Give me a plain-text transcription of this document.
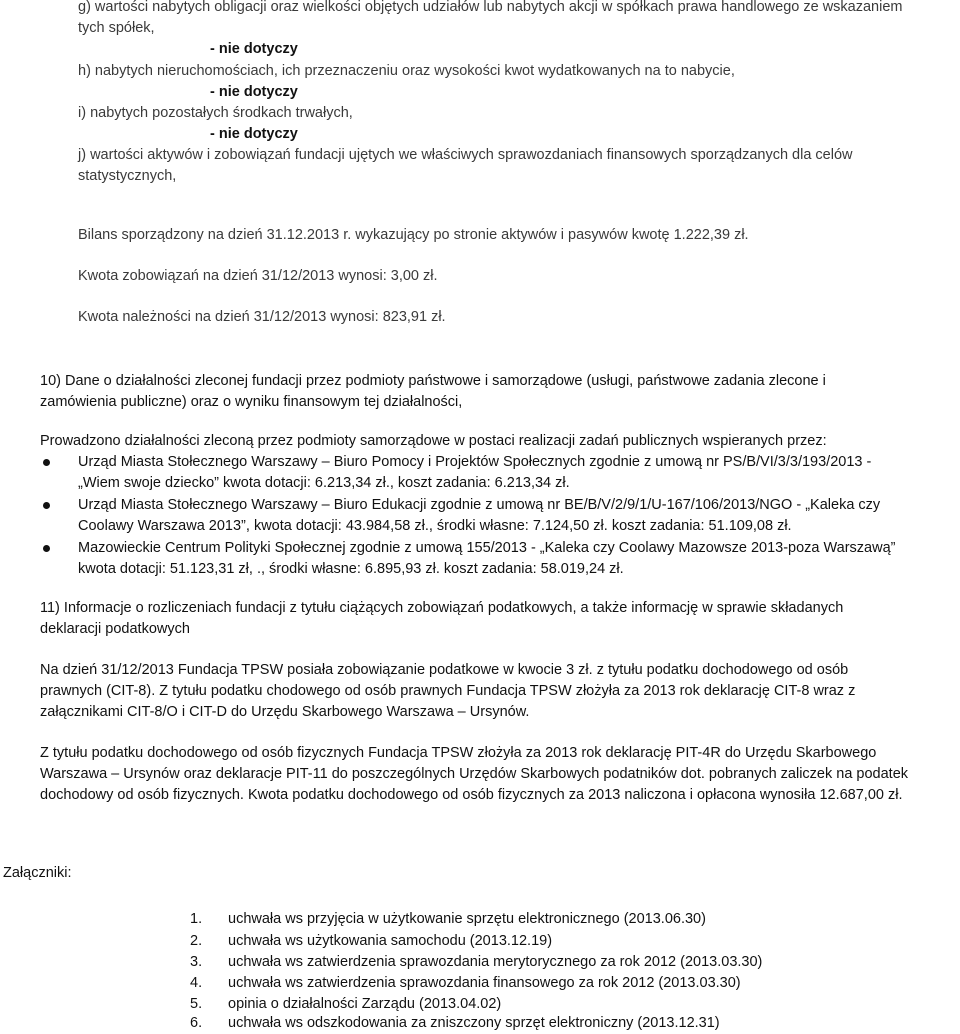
g) wartości nabytych obligacji oraz wielkości objętych udziałów lub nabytych akcji w spółkach prawa handlowego ze wskazaniem
tych spółek,
- nie dotyczy
h) nabytych nieruchomościach, ich przeznaczeniu oraz wysokości kwot wydatkowanych na to nabycie,
- nie dotyczy
i) nabytych pozostałych środkach trwałych,
- nie dotyczy
j) wartości aktywów i zobowiązań fundacji ujętych we właściwych sprawozdaniach finansowych sporządzanych dla celów
statystycznych,
Bilans sporządzony na dzień 31.12.2013 r. wykazujący po stronie aktywów i pasywów kwotę 1.222,39 zł.
Kwota zobowiązań na dzień 31/12/2013 wynosi: 3,00 zł.
Kwota należności na dzień 31/12/2013 wynosi: 823,91 zł.
10) Dane o działalności zleconej fundacji przez podmioty państwowe i samorządowe (usługi, państwowe zadania zlecone i
zamówienia publiczne) oraz o wyniku finansowym tej działalności,
Prowadzono działalności zleconą przez podmioty samorządowe w postaci realizacji zadań publicznych wspieranych przez:
Urząd Miasta Stołecznego Warszawy – Biuro Pomocy i Projektów Społecznych zgodnie z umową nr PS/B/VI/3/3/193/2013 -
„Wiem swoje dziecko” kwota dotacji: 6.213,34 zł., koszt zadania: 6.213,34 zł.
Urząd Miasta Stołecznego Warszawy – Biuro Edukacji zgodnie z umową nr BE/B/V/2/9/1/U-167/106/2013/NGO - „Kaleka czy
Coolawy Warszawa 2013”, kwota dotacji: 43.984,58 zł., środki własne: 7.124,50 zł. koszt zadania: 51.109,08 zł.
Mazowieckie Centrum Polityki Społecznej zgodnie z umową 155/2013 - „Kaleka czy Coolawy Mazowsze 2013-poza Warszawą”
kwota dotacji: 51.123,31 zł, ., środki własne: 6.895,93 zł. koszt zadania: 58.019,24 zł.
11) Informacje o rozliczeniach fundacji z tytułu ciążących zobowiązań podatkowych, a także informację w sprawie składanych
deklaracji podatkowych
Na dzień 31/12/2013 Fundacja TPSW posiała zobowiązanie podatkowe w kwocie 3 zł. z tytułu podatku dochodowego od osób
prawnych (CIT-8). Z tytułu podatku chodowego od osób prawnych Fundacja TPSW złożyła za 2013 rok deklarację CIT-8 wraz z
załącznikami CIT-8/O i CIT-D do Urzędu Skarbowego Warszawa – Ursynów.
Z tytułu podatku dochodowego od osób fizycznych Fundacja TPSW złożyła za 2013 rok deklarację PIT-4R do Urzędu Skarbowego
Warszawa – Ursynów oraz deklaracje PIT-11 do poszczególnych Urzędów Skarbowych podatników dot. pobranych zaliczek na podatek
dochodowy od osób fizycznych. Kwota podatku dochodowego od osób fizycznych za 2013 naliczona i opłacona wynosiła 12.687,00 zł.
Załączniki:
1. uchwała ws przyjęcia w użytkowanie sprzętu elektronicznego (2013.06.30)
2. uchwała ws użytkowania samochodu (2013.12.19)
3. uchwała ws zatwierdzenia sprawozdania merytorycznego za rok 2012 (2013.03.30)
4. uchwała ws zatwierdzenia sprawozdania finansowego za rok 2012 (2013.03.30)
5. opinia o działalności Zarządu (2013.04.02)
6. uchwała ws odszkodowania za zniszczony sprzęt elektroniczny (2013.12.31)
